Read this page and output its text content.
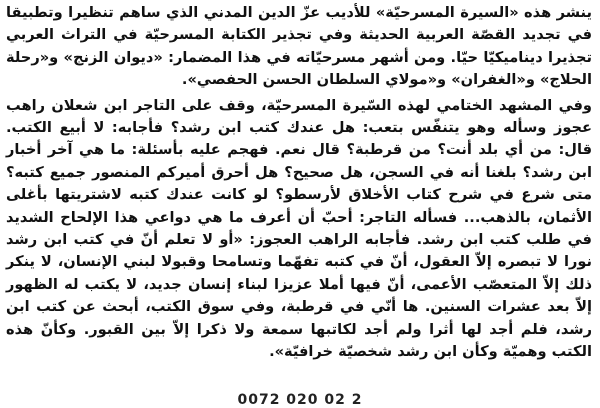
ينشر هذه «السيرة المسرحيّة» للأديب عزّ الدين المدني الذي ساهم تنظيرا وتطبيقا في تجديد القصّة العربية الحديثة وفي تجذير الكتابة المسرحيّة في التراث العربي تجذيرا ديناميكيّا حيّا. ومن أشهر مسرحيّاته في هذا المضمار: «ديوان الزنج» و«رحلة الحلاج» و«الغفران» و«مولاي السلطان الحسن الحفصي».

وفي المشهد الختامي لهذه السّيرة المسرحيّة، وقف على التاجر ابن شعلان راهب عجوز وسأله وهو يتنفّس بتعب: هل عندك كتب ابن رشد؟ فأجابه: لا أبيع الكتب. قال: من أي بلد أنت؟ من قرطبة؟ قال نعم. فهجم عليه بأسئلة: ما هي آخر أخبار ابن رشد؟ بلغنا أنه في السجن، هل صحيح؟ هل أحرق أميركم المنصور جميع كتبه؟ متى شرع في شرح كتاب الأخلاق لأرسطو؟ لو كانت عندك كتبه لاشتريتها بأغلى الأثمان، بالذهب... فسأله التاجر: أحبّ أن أعرف ما هي دواعي هذا الإلحاح الشديد في طلب كتب ابن رشد. فأجابه الراهب العجوز: «أو لا تعلم أنّ في كتب ابن رشد نورا لا تبصره إلاّ العقول، أنّ في كتبه تفهّما وتسامحا وقبولا لبني الإنسان، لا ينكر ذلك إلاّ المتعصّب الأعمى، أنّ فيها أملا عزيزا لبناء إنسان جديد، لا يكتب له الظهور إلاّ بعد عشرات السنين. ها أنّي في قرطبة، وفي سوق الكتب، أبحث عن كتب ابن رشد، فلم أجد لها أثرا ولم أجد لكاتبها سمعة ولا ذكرا إلاّ بين القبور. وكأنّ هذه الكتب وهميّة وكأن ابن رشد شخصيّة خرافيّة».

0072 020 02 2
